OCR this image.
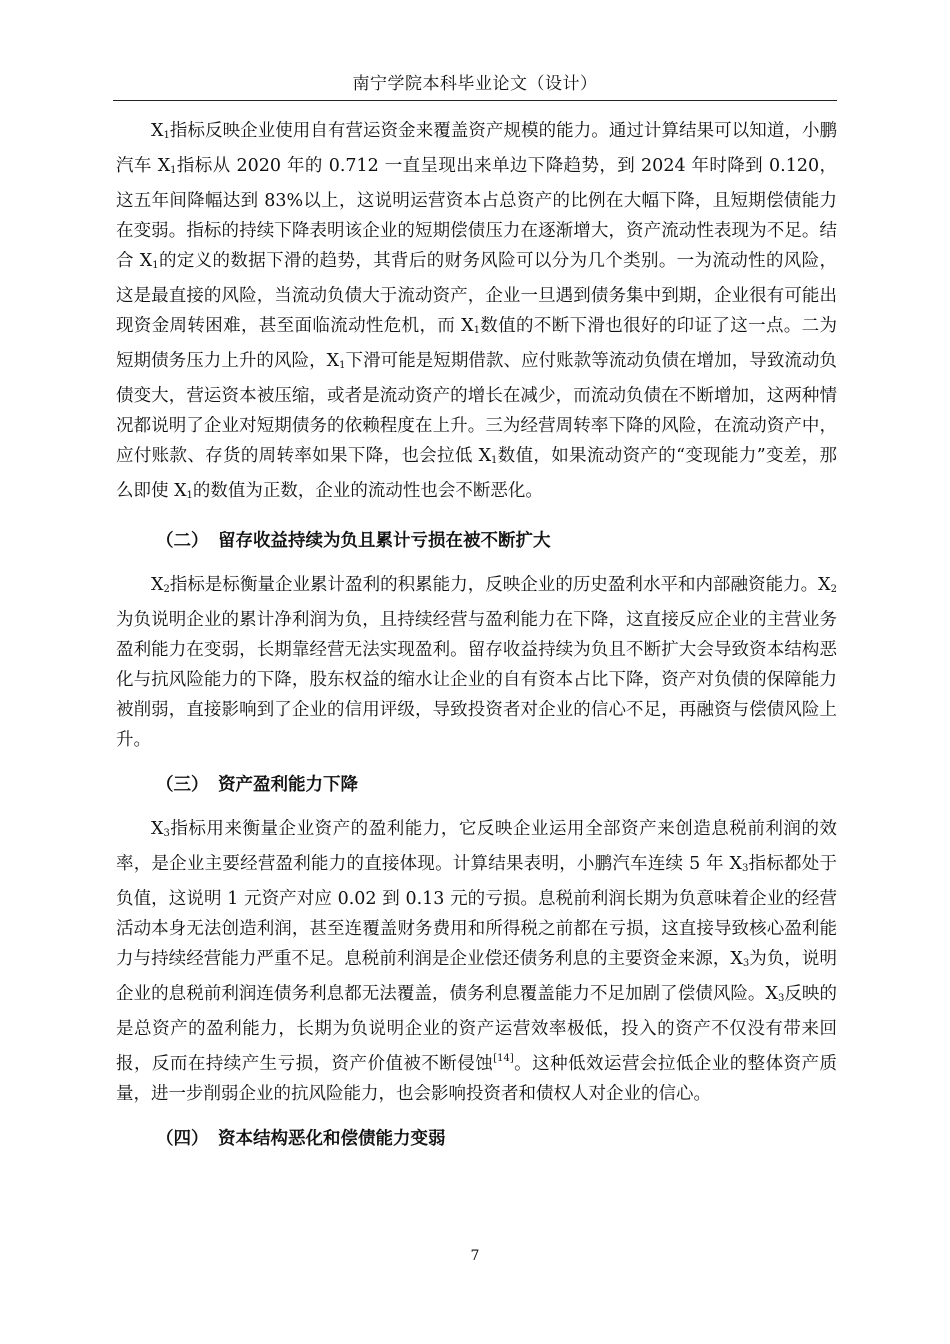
南宁学院本科毕业论文（设计）

$X_1$指标反映企业使用自有营运资金来覆盖资产规模的能力。通过计算结果可以知道，小鹏汽车 $X_1$指标从 2020 年的 0.712 一直呈现出来单边下降趋势，到 2024 年时降到 0.120，这五年间降幅达到 83%以上，这说明运营资本占总资产的比例在大幅下降，且短期偿债能力在变弱。指标的持续下降表明该企业的短期偿债压力在逐渐增大，资产流动性表现为不足。结合 $X_1$的定义的数据下滑的趋势，其背后的财务风险可以分为几个类别。一为流动性的风险，这是最直接的风险，当流动负债大于流动资产，企业一旦遇到债务集中到期，企业很有可能出现资金周转困难，甚至面临流动性危机，而 $X_1$数值的不断下滑也很好的印证了这一点。二为短期债务压力上升的风险，$X_1$下滑可能是短期借款、应付账款等流动负债在增加，导致流动负债变大，营运资本被压缩，或者是流动资产的增长在减少，而流动负债在不断增加，这两种情况都说明了企业对短期债务的依赖程度在上升。三为经营周转率下降的风险，在流动资产中，应付账款、存货的周转率如果下降，也会拉低 $X_1$数值，如果流动资产的“变现能力”变差，那么即使 $X_1$的数值为正数，企业的流动性也会不断恶化。

（二） 留存收益持续为负且累计亏损在被不断扩大

$X_2$指标是标衡量企业累计盈利的积累能力，反映企业的历史盈利水平和内部融资能力。$X_2$为负说明企业的累计净利润为负，且持续经营与盈利能力在下降，这直接反应企业的主营业务盈利能力在变弱，长期靠经营无法实现盈利。留存收益持续为负且不断扩大会导致资本结构恶化与抗风险能力的下降，股东权益的缩水让企业的自有资本占比下降，资产对负债的保障能力被削弱，直接影响到了企业的信用评级，导致投资者对企业的信心不足，再融资与偿债风险上升。

（三） 资产盈利能力下降

$X_3$指标用来衡量企业资产的盈利能力，它反映企业运用全部资产来创造息税前利润的效率，是企业主要经营盈利能力的直接体现。计算结果表明，小鹏汽车连续 5 年 $X_3$指标都处于负值，这说明 1 元资产对应 0.02 到 0.13 元的亏损。息税前利润长期为负意味着企业的经营活动本身无法创造利润，甚至连覆盖财务费用和所得税之前都在亏损，这直接导致核心盈利能力与持续经营能力严重不足。息税前利润是企业偿还债务利息的主要资金来源，$X_3$为负，说明企业的息税前利润连债务利息都无法覆盖，债务利息覆盖能力不足加剧了偿债风险。$X_3$反映的是总资产的盈利能力，长期为负说明企业的资产运营效率极低，投入的资产不仅没有带来回报，反而在持续产生亏损，资产价值被不断侵蚀[14]。这种低效运营会拉低企业的整体资产质量，进一步削弱企业的抗风险能力，也会影响投资者和债权人对企业的信心。

（四） 资本结构恶化和偿债能力变弱

7
